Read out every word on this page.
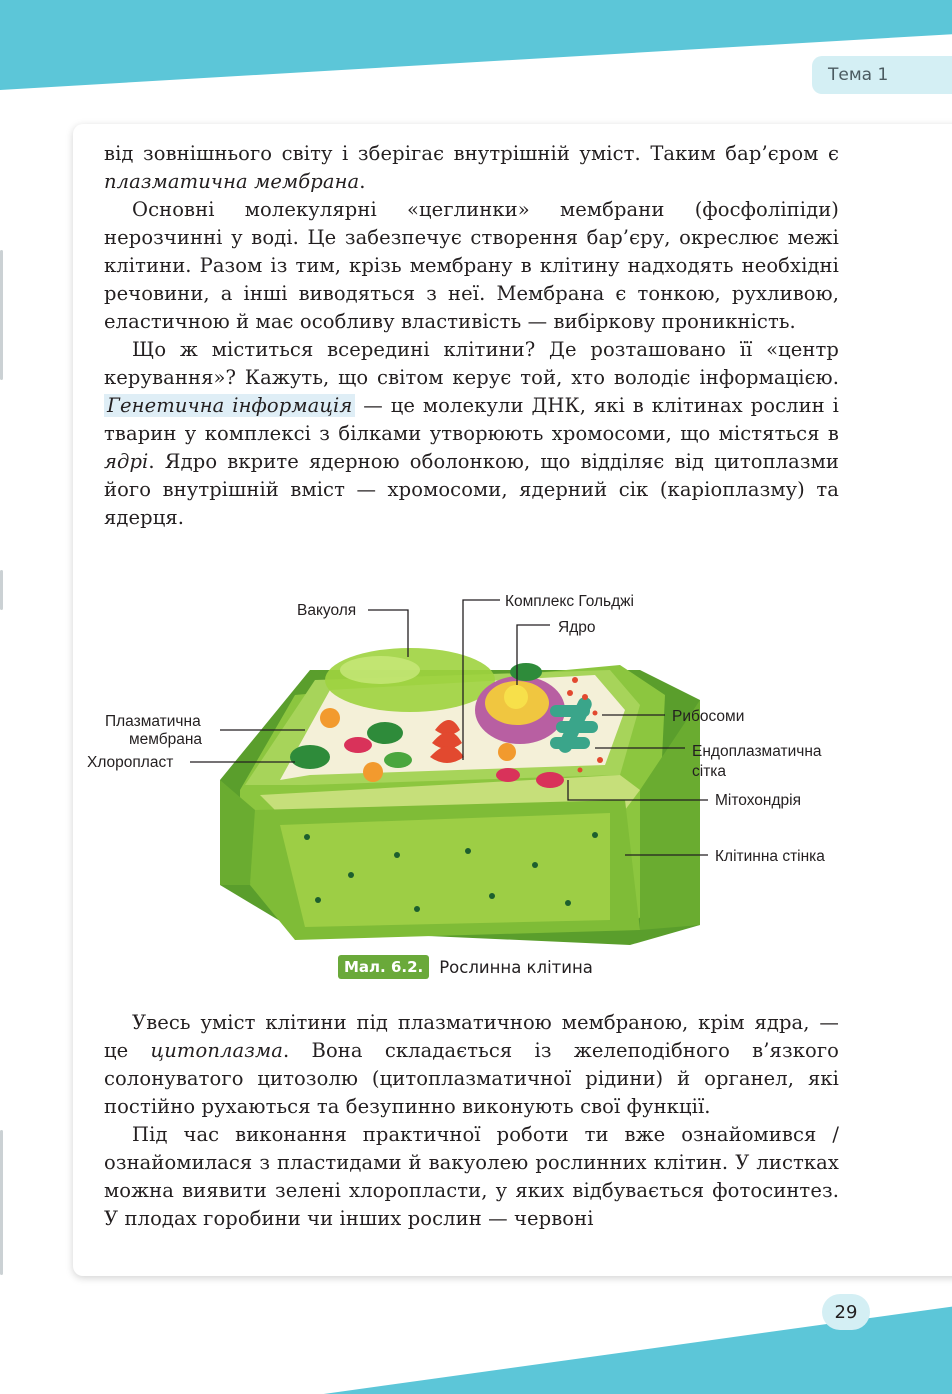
Тема 1

від зовнішнього світу і зберігає внутрішній уміст. Таким бар’єром є плазматична мембрана.

Основні молекулярні «цеглинки» мембрани (фосфоліпіди) нерозчинні у воді. Це забезпечує створення бар’єру, окреслює межі клітини. Разом із тим, крізь мембрану в клітину надходять необхідні речовини, а інші виводяться з неї. Мембрана є тонкою, рухливою, еластичною й має особливу властивість — вибіркову проникність.

Що ж міститься всередині клітини? Де розташовано її «центр керування»? Кажуть, що світом керує той, хто володіє інформацією. Генетична інформація — це молекули ДНК, які в клітинах рослин і тварин у комплексі з білками утворюють хромосоми, що містяться в ядрі. Ядро вкрите ядерною оболонкою, що відділяє від цитоплазми його внутрішній вміст — хромосоми, ядерний сік (каріоплазму) та ядерця.

Вакуоля
Комплекс Гольджі
Ядро
Плазматична
мембрана
Хлоропласт
Рибосоми
Ендоплазматична
сітка
Мітохондрія
Клітинна стінка
Мал. 6.2. Рослинна клітина

Увесь уміст клітини під плазматичною мембраною, крім ядра, — це цитоплазма. Вона складається із желеподібного в’язкого солонуватого цитозолю (цитоплазматичної рідини) й органел, які постійно рухаються та безупинно виконують свої функції.

Під час виконання практичної роботи ти вже ознайомився / ознайомилася з пластидами й вакуолею рослинних клітин. У листках можна виявити зелені хлоропласти, у яких відбувається фотосинтез. У плодах горобини чи інших рослин — червоні

29
